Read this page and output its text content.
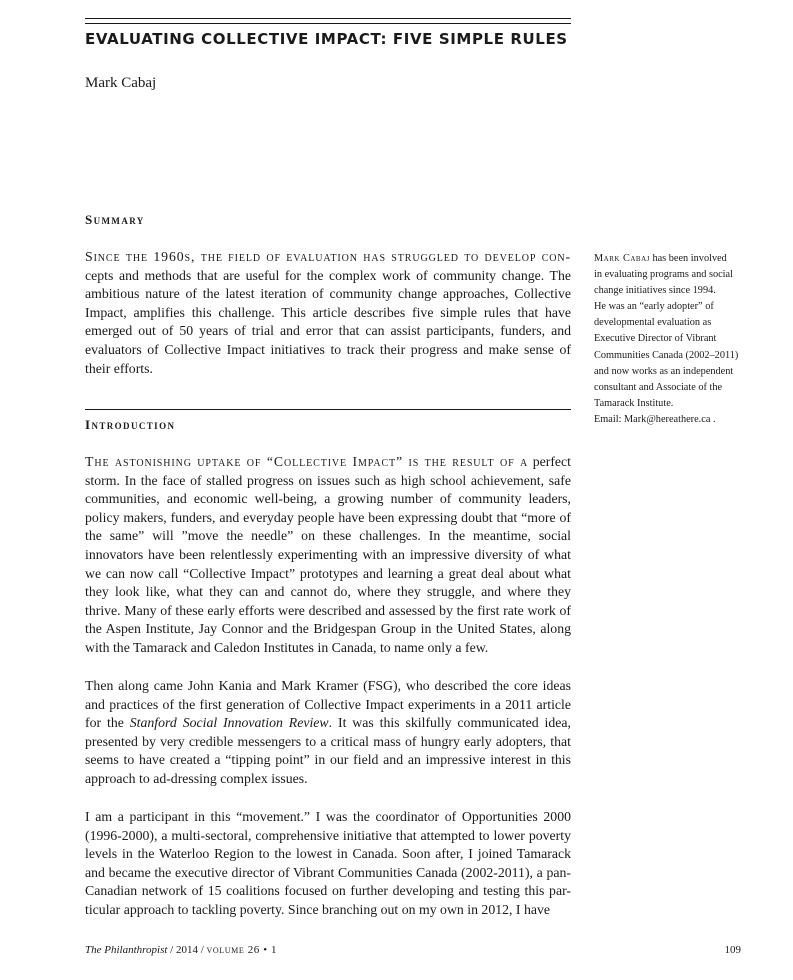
EVALUATING COLLECTIVE IMPACT: FIVE SIMPLE RULES
Mark Cabaj
Summary

Since the 1960s, the field of evaluation has struggled to develop con- cepts and methods that are useful for the complex work of community change. The ambitious nature of the latest iteration of community change approaches, Collective Impact, amplifies this challenge. This article describes five simple rules that have emerged out of 50 years of trial and error that can assist participants, funders, and evaluators of Collective Impact initiatives to track their progress and make sense of their efforts.

Introduction

The astonishing uptake of “Collective Impact” is the result of a perfect storm. In the face of stalled progress on issues such as high school achievement, safe communities, and economic well-being, a growing number of community leaders, policy makers, funders, and everyday people have been expressing doubt that “more of the same” will ”move the needle” on these challenges. In the meantime, social innovators have been relentlessly experimenting with an impressive diversity of what we can now call “Collective Impact” prototypes and learning a great deal about what they look like, what they can and cannot do, where they struggle, and where they thrive. Many of these early efforts were described and assessed by the first rate work of the Aspen Institute, Jay Connor and the Bridgespan Group in the United States, along with the Tamarack and Caledon Institutes in Canada, to name only a few.

Then along came John Kania and Mark Kramer (FSG), who described the core ideas and practices of the first generation of Collective Impact experiments in a 2011 article for the Stanford Social Innovation Review. It was this skilfully communicated idea, presented by very credible messengers to a critical mass of hungry early adopters, that seems to have created a “tipping point” in our field and an impressive interest in this approach to ad-dressing complex issues.

I am a participant in this “movement.” I was the coordinator of Opportunities 2000 (1996-2000), a multi-sectoral, comprehensive initiative that attempted to lower poverty levels in the Waterloo Region to the lowest in Canada. Soon after, I joined Tamarack and became the executive director of Vibrant Communities Canada (2002-2011), a pan-Canadian network of 15 coalitions focused on further developing and testing this par-ticular approach to tackling poverty. Since branching out on my own in 2012, I have

Mark Cabaj has been involved
in evaluating programs and social
change initiatives since 1994.
He was an “early adopter” of
developmental evaluation as
Executive Director of Vibrant
Communities Canada (2002–2011)
and now works as an independent
consultant and Associate of the
Tamarack Institute.
Email: Mark@hereathere.ca .
The Philanthropist / 2014 / volume 26 • 1	109
